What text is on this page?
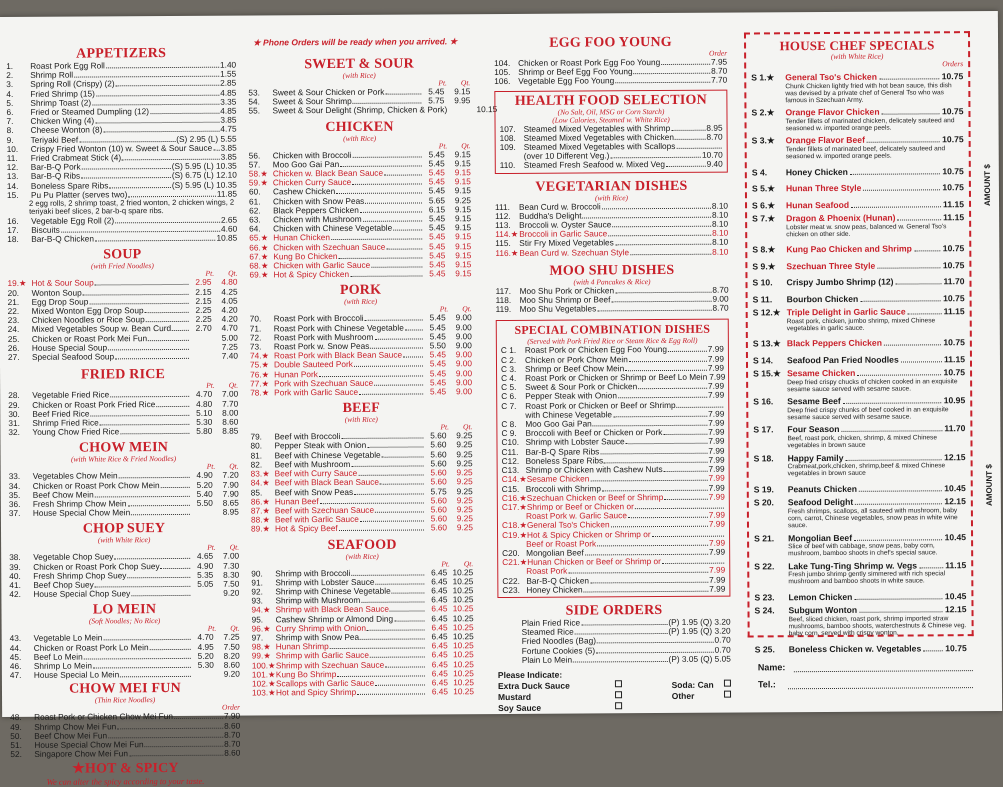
★ Phone Orders will be ready when you arrived. ★
APPETIZERS
1.	Roast Pork Egg Roll	1.40
2.	Shrimp Roll	1.55
3.	Spring Roll (Crispy) (2)	2.85
4.	Fried Shrimp (15)	4.85
5.	Shrimp Toast (2)	3.35
6.	Fried or Steamed Dumpling (12)	4.85
7.	Chicken Wing (4)	3.85
8.	Cheese Wonton (8)	4.75
9.	Teriyaki Beef	(S) 2.95 (L) 5.55
10.	Crispy Fried Wonton (10) w. Sweet & Sour Sauce 3.85
11.	Fried Crabmeat Stick (4)	3.85
12.	Bar-B-Q Pork	(S) 5.95 (L) 10.35
13.	Bar-B-Q Ribs	(S) 6.75 (L) 12.10
14.	Boneless Spare Ribs	(S) 5.95 (L) 10.35
15.	Pu Pu Platter (serves two)	11.85
2 egg rolls, 2 shrimp toast, 2 fried wonton, 2 chicken wings, 2 teriyaki beef slices, 2 bar-b-q spare ribs.
16.	Vegetable Egg Roll (2)	2.65
17.	Biscuits	4.60
18.	Bar-B-Q Chicken	10.85
SOUP
(with Fried Noodles)
Pt. Qt.
19.★ Hot & Sour Soup	2.95	4.80
20.	Wonton Soup	2.15	4.25
21.	Egg Drop Soup	2.15	4.05
22.	Mixed Wonton Egg Drop Soup	2.25	4.20
23.	Chicken Noodles or Rice Soup	2.25	4.20
24.	Mixed Vegetables Soup w. Bean Curd	2.70	4.70
25.	Chicken or Roast Pork Mei Fun	5.00
26.	House Special Soup	7.25
27.	Special Seafood Soup	7.40
FRIED RICE
Pt. Qt.
28.	Vegetable Fried Rice	4.70	7.00
29.	Chicken or Roast Pork Fried Rice	4.80	7.70
30.	Beef Fried Rice	5.10	8.00
31.	Shrimp Fried Rice	5.30	8.60
32.	Young Chow Fried Rice	5.80	8.85
CHOW MEIN
(with White Rice & Fried Noodles)
Pt. Qt.
33.	Vegetables Chow Mein	4.90	7.20
34.	Chicken or Roast Pork Chow Mein	5.20	7.90
35.	Beef Chow Mein	5.40	7.90
36.	Fresh Shrimp Chow Mein	5.50	8.65
37.	House Special Chow Mein	8.95
CHOP SUEY
(with White Rice)
Pt. Qt.
38.	Vegetable Chop Suey	4.65	7.00
39.	Chicken or Roast Pork Chop Suey	4.90	7.30
40.	Fresh Shrimp Chop Suey	5.35	8.30
41.	Beef Chop Suey	5.05	7.50
42.	House Special Chop Suey	9.20
LO MEIN
(Soft Noodles; No Rice)
Pt. Qt.
43.	Vegetable Lo Mein	4.70	7.25
44.	Chicken or Roast Pork Lo Mein	4.95	7.50
45.	Beef Lo Mein	5.20	8.20
46.	Shrimp Lo Mein	5.30	8.60
47.	House Special Lo Mein	9.20
CHOW MEI FUN
(Thin Rice Noodles)
Order
48.	Roast Pork or Chicken Chow Mei Fun	7.90
49.	Shrimp Chow Mei Fun	8.60
50.	Beef Chow Mei Fun	8.70
51.	House Special Chow Mei Fun	8.70
52.	Singapore Chow Mei Fun	8.60
★HOT & SPICY
We can alter the spicy according to your taste.
SWEET & SOUR
(with Rice)
Pt. Qt.
53.	Sweet & Sour Chicken or Pork	5.45	9.15
54.	Sweet & Sour Shrimp	5.75	9.95
55.	Sweet & Sour Delight (Shrimp, Chicken & Pork)	10.15
CHICKEN
(with Rice)
Pt. Qt.
56.	Chicken with Broccoli	5.45	9.15
57.	Moo Goo Gai Pan	5.45	9.15
58.★ Chicken w. Black Bean Sauce	5.45	9.15
59.★ Chicken Curry Sauce	5.45	9.15
60.	Cashew Chicken	5.45	9.15
61.	Chicken with Snow Peas	5.65	9.25
62.	Black Peppers Chicken	6.15	9.15
63.	Chicken with Mushroom	5.45	9.15
64.	Chicken with Chinese Vegetable	5.45	9.15
65.★ Hunan Chicken	5.45	9.15
66.★ Chicken with Szechuan Sauce	5.45	9.15
67.★ Kung Bo Chicken	5.45	9.15
68.★ Chicken with Garlic Sauce	5.45	9.15
69.★ Hot & Spicy Chicken	5.45	9.15
PORK
(with Rice)
Pt. Qt.
70.	Roast Pork with Broccoli	5.45	9.00
71.	Roast Pork with Chinese Vegetable	5.45	9.00
72.	Roast Pork with Mushroom	5.45	9.00
73.	Roast Pork w. Snow Peas	5.50	9.00
74.★ Roast Pork with Black Bean Sauce	5.45	9.00
75.★ Double Sauteed Pork	5.45	9.00
76.★ Hunan Pork	5.45	9.00
77.★ Pork with Szechuan Sauce	5.45	9.00
78.★ Pork with Garlic Sauce	5.45	9.00
BEEF
(with Rice)
Pt. Qt.
79.	Beef with Broccoli	5.60	9.25
80.	Pepper Steak with Onion	5.60	9.25
81.	Beef with Chinese Vegetable	5.60	9.25
82.	Beef with Mushroom	5.60	9.25
83.★ Beef with Curry Sauce	5.60	9.25
84.★ Beef with Black Bean Sauce	5.60	9.25
85.	Beef with Snow Peas	5.75	9.25
86.★ Hunan Beef	5.60	9.25
87.★ Beef with Szechuan Sauce	5.60	9.25
88.★ Beef with Garlic Sauce	5.60	9.25
89.★ Hot & Spicy Beef	5.60	9.25
SEAFOOD
(with Rice)
Pt. Qt.
90.	Shrimp with Broccoli	6.45 10.25
91.	Shrimp with Lobster Sauce	6.45 10.25
92.	Shrimp with Chinese Vegetable	6.45 10.25
93.	Shrimp with Mushroom	6.45 10.25
94.★ Shrimp with Black Bean Sauce	6.45 10.25
95.	Cashew Shrimp or Almond Ding	6.45 10.25
96.★ Curry Shrimp with Onion	6.45 10.25
97.	Shrimp with Snow Pea	6.45 10.25
98.★ Hunan Shrimp	6.45 10.25
99.★ Shrimp with Garlic Sauce	6.45 10.25
100.★ Shrimp with Szechuan Sauce	6.45 10.25
101.★ Kung Bo Shrimp	6.45 10.25
102.★ Scallops with Garlic Sauce	6.45 10.25
103.★ Hot and Spicy Shrimp	6.45 10.25
EGG FOO YOUNG
Order
104. Chicken or Roast Pork Egg Foo Young	7.95
105. Shrimp or Beef Egg Foo Young	8.70
106. Vegetable Egg Foo Young	7.70
HEALTH FOOD SELECTION
(No Salt, Oil, MSG or Corn Starch)
(Low Calories, Steamed w. White Rice)
107. Steamed Mixed Vegetables with Shrimp	8.95
108. Steamed Mixed Vegetables with Chicken	8.70
109. Steamed Mixed Vegetables with Scallops
(over 10 Different Veg.)	10.70
110.	Steamed Fresh Seafood w. Mixed Veg	9.40
VEGETARIAN DISHES
(with Rice)
111.	Bean Curd w. Broccoli	8.10
112.	Buddha's Delight	8.10
113.	Broccoli w. Oyster Sauce	8.10
114.★ Broccoli in Garlic Sauce	8.10
115.	Stir Fry Mixed Vegetables	8.10
116.★ Bean Curd w. Szechuan Style	8.10
MOO SHU DISHES
(with 4 Pancakes & Rice)
117.	Moo Shu Pork or Chicken	8.70
118.	Moo Shu Shrimp or Beef	9.00
119.	Moo Shu Vegetables	8.70
SPECIAL COMBINATION DISHES
(Served with Pork Fried Rice or Steam Rice & Egg Roll)
C 1.	Roast Pork or Chicken Egg Foo Young	7.99
C 2.	Chicken or Pork Chow Mein	7.99
C 3.	Shrimp or Beef Chow Mein	7.99
C 4.	Roast Pork or Chicken or Shrimp or Beef Lo Mein 7.99
C 5.	Sweet & Sour Pork or Chicken	7.99
C 6.	Pepper Steak with Onion	7.99
C 7.	Roast Pork or Chicken or Beef or Shrimp
with Chinese Vegetable	7.99
C 8.	Moo Goo Gai Pan	7.99
C 9.	Broccoli with Beef or Chicken or Pork	7.99
C10. Shrimp with Lobster Sauce	7.99
C11. Bar-B-Q Spare Ribs	7.99
C12. Boneless Spare Ribs	7.99
C13. Shrimp or Chicken with Cashew Nuts	7.99
C14.★ Sesame Chicken	7.99
C15. Broccoli with Shrimp	7.99
C16.★ Szechuan Chicken or Beef or Shrimp	7.99
C17.★ Shrimp or Beef or Chicken or
Roast Pork w. Garlic Sauce	7.99
C18.★ General Tso's Chicken	7.99
C19.★ Hot & Spicy Chicken or Shrimp or
Beef or Roast Pork	7.99
C20. Mongolian Beef	7.99
C21.★ Hunan Chicken or Beef or Shrimp or
Roast Pork	7.99
C22. Bar-B-Q Chicken	7.99
C23. Honey Chicken	7.99
SIDE ORDERS
Plain Fried Rice	(P) 1.95 (Q) 3.20
Steamed Rice	(P) 1.95 (Q) 3.20
Fried Noodles (Bag)	0.70
Fortune Cookies (5)	0.70
Plain Lo Mein	(P) 3.05 (Q) 5.05
Please Indicate:
Extra Duck Sauce
Mustard
Soy Sauce
Soda: Can
Other
HOUSE CHEF SPECIALS
(with White Rice)
Orders
S 1.★	General Tso's Chicken	10.75
Chunk Chicken lightly fried with hot bean sauce, this dish was devised by a private chef of General Tso who was famous in Szechuan Army.
S 2.★	Orange Flavor Chicken	10.75
Tender fillets of marinated chicken, delicately sauteed and seasoned w. imported orange peels.
S 3.★	Orange Flavor Beef	10.75
Tender fillets of marinated beef, delicately sauteed and seasoned w. imported orange peels.
S 4.	Honey Chicken	10.75
S 5.★	Hunan Three Style	10.75
S 6.★	Hunan Seafood	11.15
S 7.★	Dragon & Phoenix (Hunan)	11.15
Lobster meat w. snow peas, balanced w. General Tso's chicken on other side.
S 8.★	Kung Pao Chicken and Shrimp	10.75
S 9.★	Szechuan Three Style	10.75
S 10.	Crispy Jumbo Shrimp (12)	11.70
S 11.	Bourbon Chicken	10.75
S 12.★ Triple Delight in Garlic Sauce	11.15
Roast pork, chicken, jumbo shrimp, mixed Chinese vegetables in garlic sauce.
S 13.★ Black Peppers Chicken	10.75
S 14.	Seafood Pan Fried Noodles	11.15
S 15.★ Sesame Chicken	10.75
Deep fried crispy chucks of chicken cooked in an exquisite sesame sauce served with sesame sauce.
S 16.	Sesame Beef	10.95
Deep fried crispy chunks of beef cooked in an exquisite sesame sauce served with sesame sauce.
S 17.	Four Season	11.70
Beef, roast pork, chicken, shrimp, & mixed Chinese vegetables in brown sauce
S 18.	Happy Family	12.15
Crabmeat,pork,chicken, shrimp,beef & mixed Chinese vegetables in brown sauce
S 19.	Peanuts Chicken	10.45
S 20.	Seafood Delight	12.15
Fresh shrimps, scallops, all sauteed with mushroom, baby corn, carrot, Chinese vegetables, snow peas in white wine sauce.
S 21.	Mongolian Beef	10.45
Slice of beef with cabbage, snow peas, baby corn, mushroom, bamboo shoots in chef's special sauce.
S 22.	Lake Tung-Ting Shrimp w. Vegs	11.15
Fresh jumbo shrimp gently simmered with rich special mushroom and bamboo shoots in white sauce.
S 23.	Lemon Chicken	10.45
S 24.	Subgum Wonton	12.15
Beef, sliced chicken, roast pork, shrimp imported straw mushrooms, bamboo shoots, waterchestnuts & Chinese veg. baby corn, served with crispy wonton.
S 25.	Boneless Chicken w. Vegetables	10.75
AMOUNT $
AMOUNT $
Name:
Tel.:
